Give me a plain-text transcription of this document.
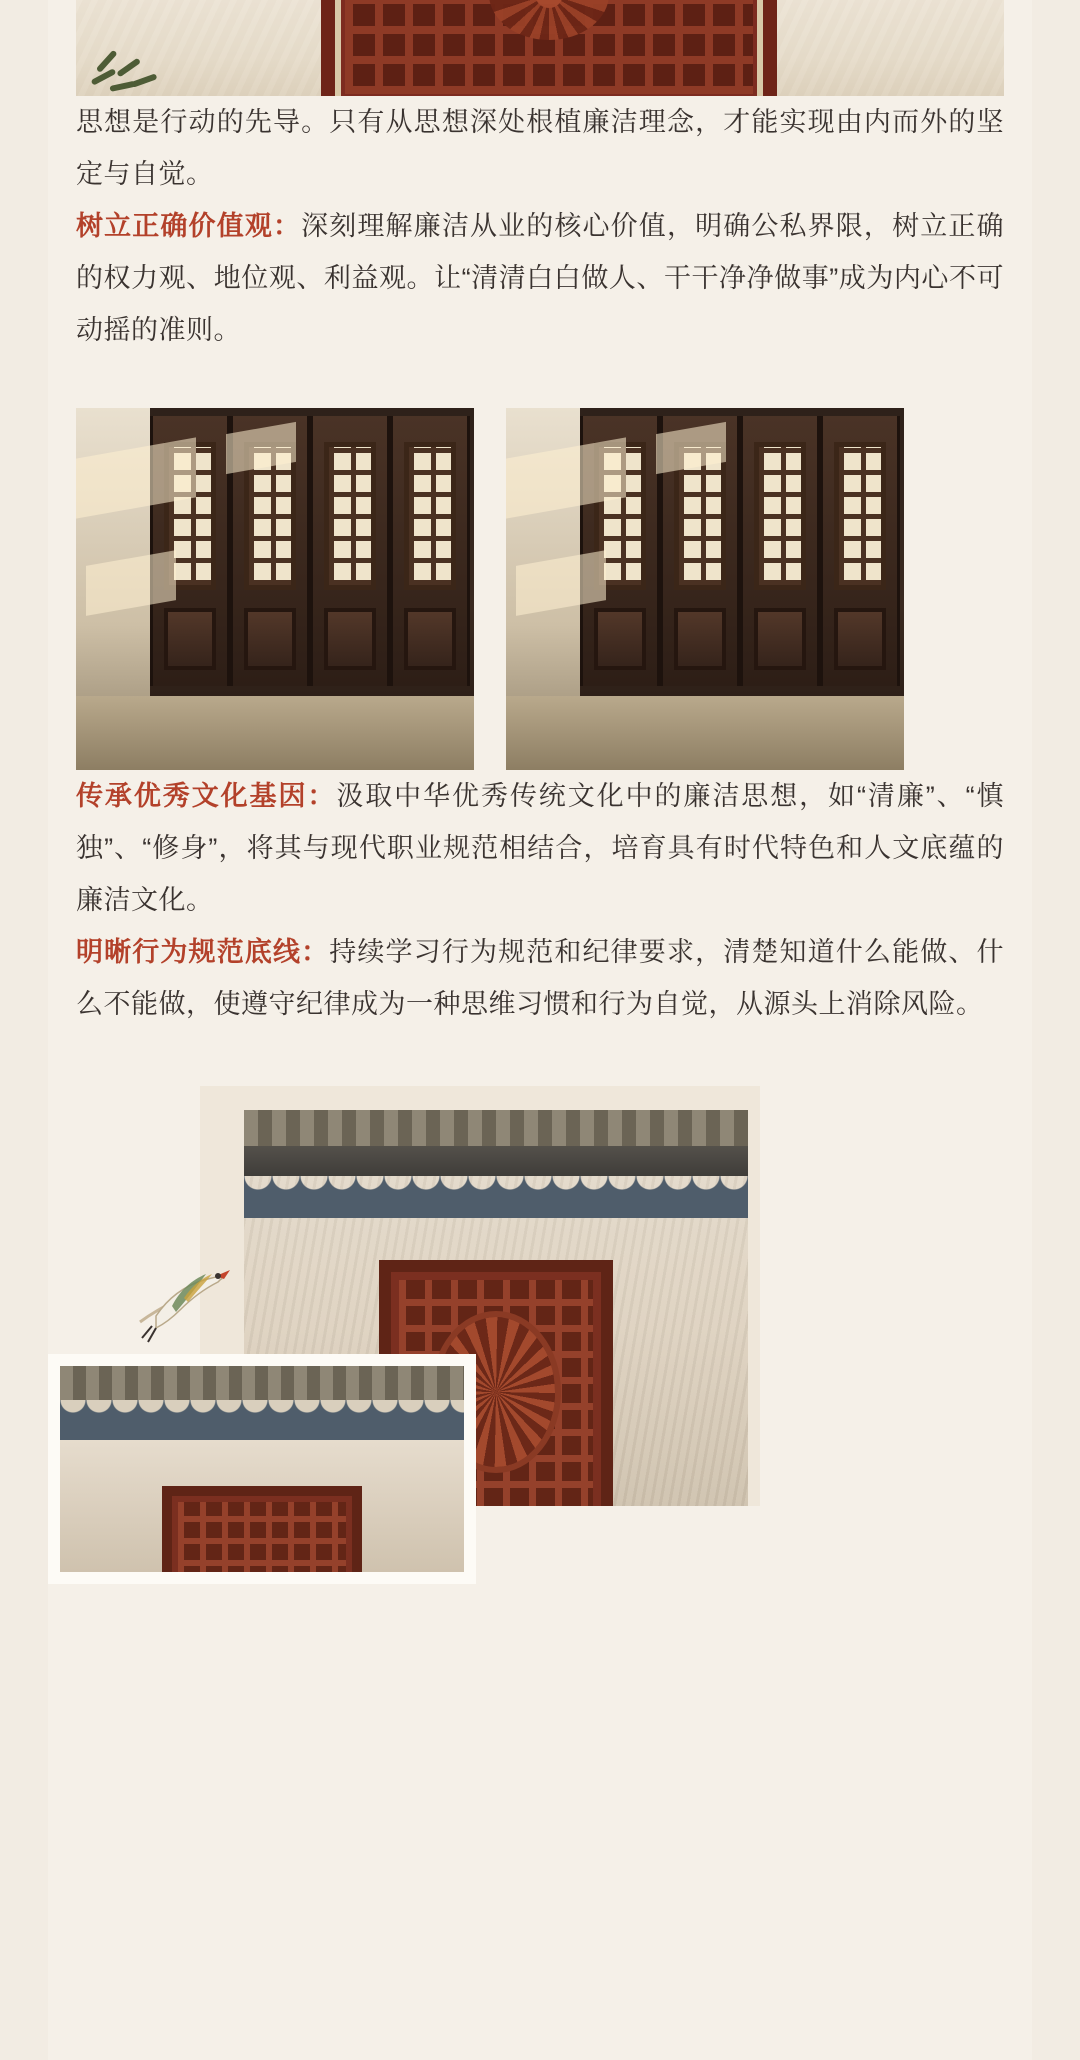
思想是行动的先导。只有从思想深处根植廉洁理念，才能实现由内而外的坚定与自觉。

树立正确价值观：深刻理解廉洁从业的核心价值，明确公私界限，树立正确的权力观、地位观、利益观。让“清清白白做人、干干净净做事”成为内心不可动摇的准则。

传承优秀文化基因：汲取中华优秀传统文化中的廉洁思想，如“清廉”、“慎独”、“修身”，将其与现代职业规范相结合，培育具有时代特色和人文底蕴的廉洁文化。

明晰行为规范底线：持续学习行为规范和纪律要求，清楚知道什么能做、什么不能做，使遵守纪律成为一种思维习惯和行为自觉，从源头上消除风险。
